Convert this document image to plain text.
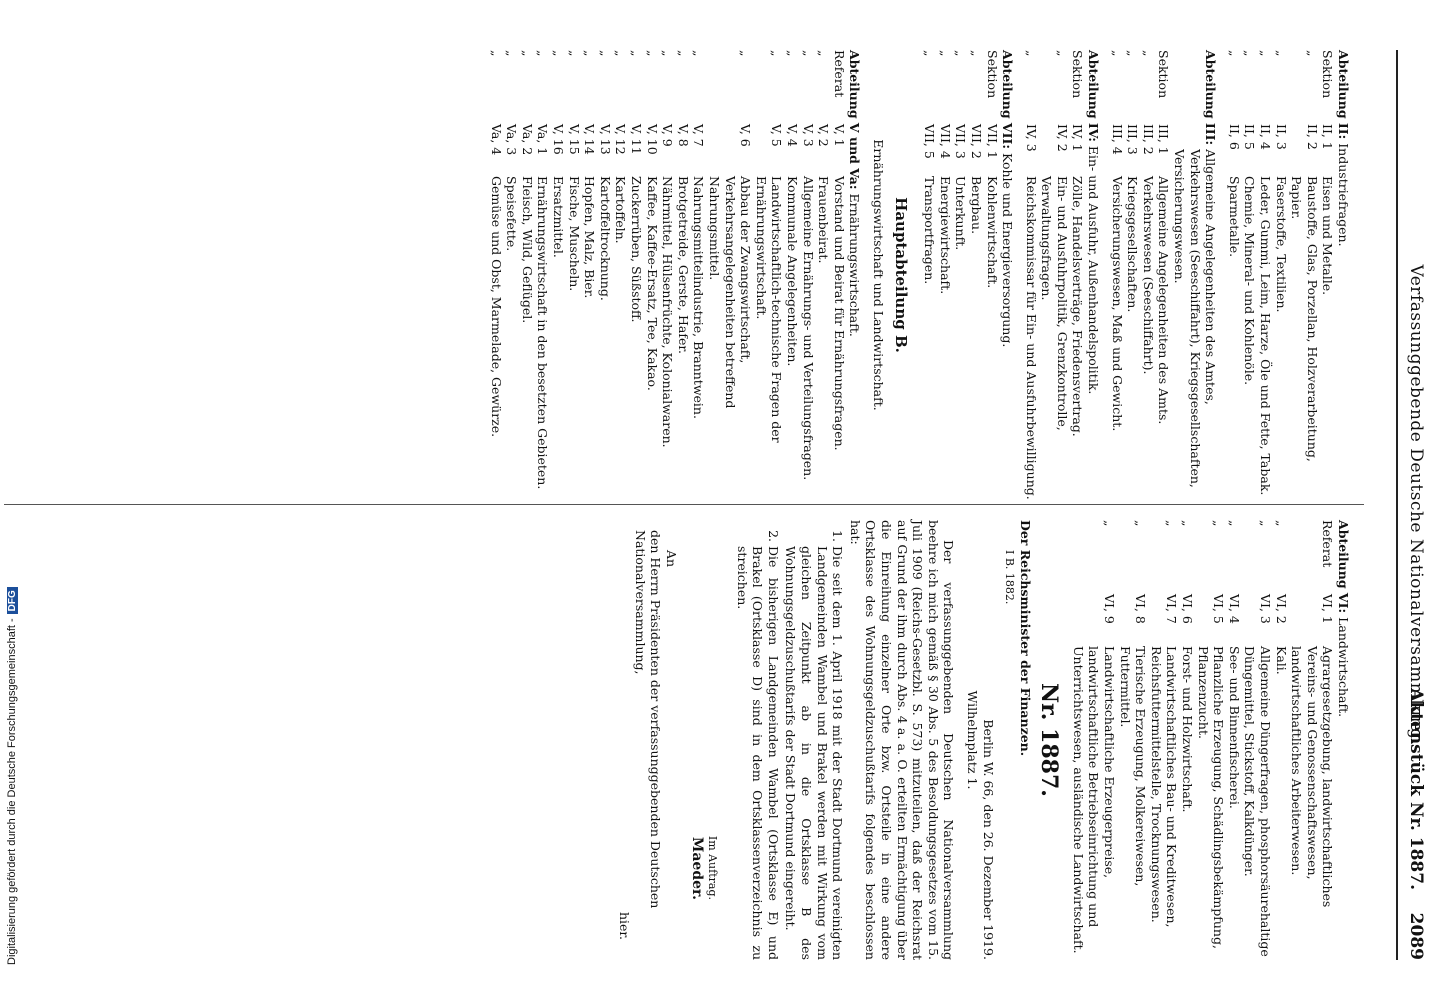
Verfassunggebende Deutsche Nationalversammlung.
Aktenstück Nr. 1887.
2089
Abteilung II:

Industriefragen.
Sektion
II, 1
Eisen und Metalle.
„
II, 2
Baustoffe, Glas, Porzellan, Holzverarbeitung, Papier.
„
II, 3
Faserstoffe, Textilien.
„
II, 4
Leder, Gummi, Leim, Harze, Öle und Fette, Tabak.
„
II, 5
Chemie, Mineral- und Kohlenöle.
„
II, 6
Sparmetalle.
Abteilung III:

Allgemeine Angelegenheiten des Amtes, Verkehrswesen (Seeschiffahrt), Kriegsgesellschaften, Versicherungswesen.
Sektion
III, 1
Allgemeine Angelegenheiten des Amts.
„
III, 2
Verkehrswesen (Seeschiffahrt).
„
III, 3
Kriegsgesellschaften.
„
III, 4
Versicherungswesen, Maß und Gewicht.
Abteilung IV:

Ein- und Ausfuhr, Außenhandelspolitik.
Sektion
IV, 1
Zölle, Handelsverträge, Friedensvertrag.
„
IV, 2
Ein- und Ausfuhrpolitik, Grenzkontrolle, Verwaltungsfragen.
„
IV, 3
Reichskommissar für Ein- und Ausfuhrbewilligung.
Abteilung VII:

Kohle und Energieversorgung.
Sektion
VII, 1
Kohlenwirtschaft.
„
VII, 2
Bergbau.
„
VII, 3
Unterkunft.
„
VII, 4
Energiewirtschaft.
„
VII, 5
Transportfragen.
Hauptabteilung B.
Ernährungswirtschaft und Landwirtschaft.
Abteilung V und Va:

Ernährungswirtschaft.
Referat
V, 1
Vorstand und Beirat für Ernährungsfragen.
„
V, 2
Frauenbeirat.
„
V, 3
Allgemeine Ernährungs- und Verteilungsfragen.
„
V, 4
Kommunale Angelegenheiten.
„
V, 5
Landwirtschaftlich-technische Fragen der Ernährungswirtschaft.
„
V, 6
Abbau der Zwangswirtschaft, Verkehrsangelegenheiten betreffend Nahrungsmittel.
„
V, 7
Nahrungsmittelindustrie, Branntwein.
„
V, 8
Brotgetreide, Gerste, Hafer.
„
V, 9
Nährmittel, Hülsenfrüchte, Kolonialwaren.
„
V, 10
Kaffee, Kaffee-Ersatz, Tee, Kakao.
„
V, 11
Zuckerrüben, Süßstoff.
„
V, 12
Kartoffeln.
„
V, 13
Kartoffeltrocknung.
„
V, 14
Hopfen, Malz, Bier.
„
V, 15
Fische, Muscheln.
„
V, 16
Ersatzmittel.
„
Va, 1
Ernährungswirtschaft in den besetzten Gebieten.
„
Va, 2
Fleisch, Wild, Geflügel.
„
Va, 3
Speisefette.
„
Va, 4
Gemüse und Obst, Marmelade, Gewürze.
Abteilung VI:

Landwirtschaft.
Referat
VI, 1
Agrargesetzgebung, landwirtschaftliches Vereins- und Genossenschaftswesen, landwirtschaftliches Arbeiterwesen.
„
VI, 2
Kali.
„
VI, 3
Allgemeine Düngerfragen, phosphorsäurehaltige Düngemittel, Stickstoff, Kalkdünger.
„
VI, 4
See- und Binnenfischerei.
„
VI, 5
Pflanzliche Erzeugung, Schädlingsbekämpfung, Pflanzenzucht.
„
VI, 6
Forst- und Holzwirtschaft.
„
VI, 7
Landwirtschaftliches Bau- und Kreditwesen, Reichsfuttermittelstelle, Trocknungswesen.
„
VI, 8
Tierische Erzeugung, Molkereiwesen, Futtermittel.
„
VI, 9
Landwirtschaftliche Erzeugerpreise, landwirtschaftliche Betriebseinrichtung und Unterrichtswesen, ausländische Landwirtschaft.
Nr. 1887.
Der Reichsminister der Finanzen.
I B. 1882.
Berlin W. 66, den 26. Dezember 1919.
Wilhelmplatz 1.
Der verfassunggebenden Deutschen Nationalversammlung beehre ich mich gemäß § 30 Abs. 5 des Besoldungsgesetzes vom 15. Juli 1909 (Reichs-Gesetzbl. S. 573) mitzuteilen, daß der Reichsrat auf Grund der ihm durch Abs. 4 a. a. O. erteilten Ermächtigung über die Einreihung einzelner Orte bzw. Ortsteile in eine andere Ortsklasse des Wohnungsgeldzuschußtarifs folgendes beschlossen hat:
1.
Die seit dem 1. April 1918 mit der Stadt Dortmund vereinigten Landgemeinden Wambel und Brakel werden mit Wirkung vom gleichen Zeitpunkt ab in die Ortsklasse B des Wohnungsgeldzuschußtarifs der Stadt Dortmund eingereiht.
2.
Die bisherigen Landgemeinden Wambel (Ortsklasse E) und Brakel (Ortsklasse D) sind in dem Ortsklassenverzeichnis zu streichen.
Im Auftrag.
Maeder.
An
den Herrn Präsidenten der verfassunggebenden Deutschen Nationalversammlung,
hier.
Digitalisierung gefördert durch die Deutsche Forschungsgemeinschaft -DFG
